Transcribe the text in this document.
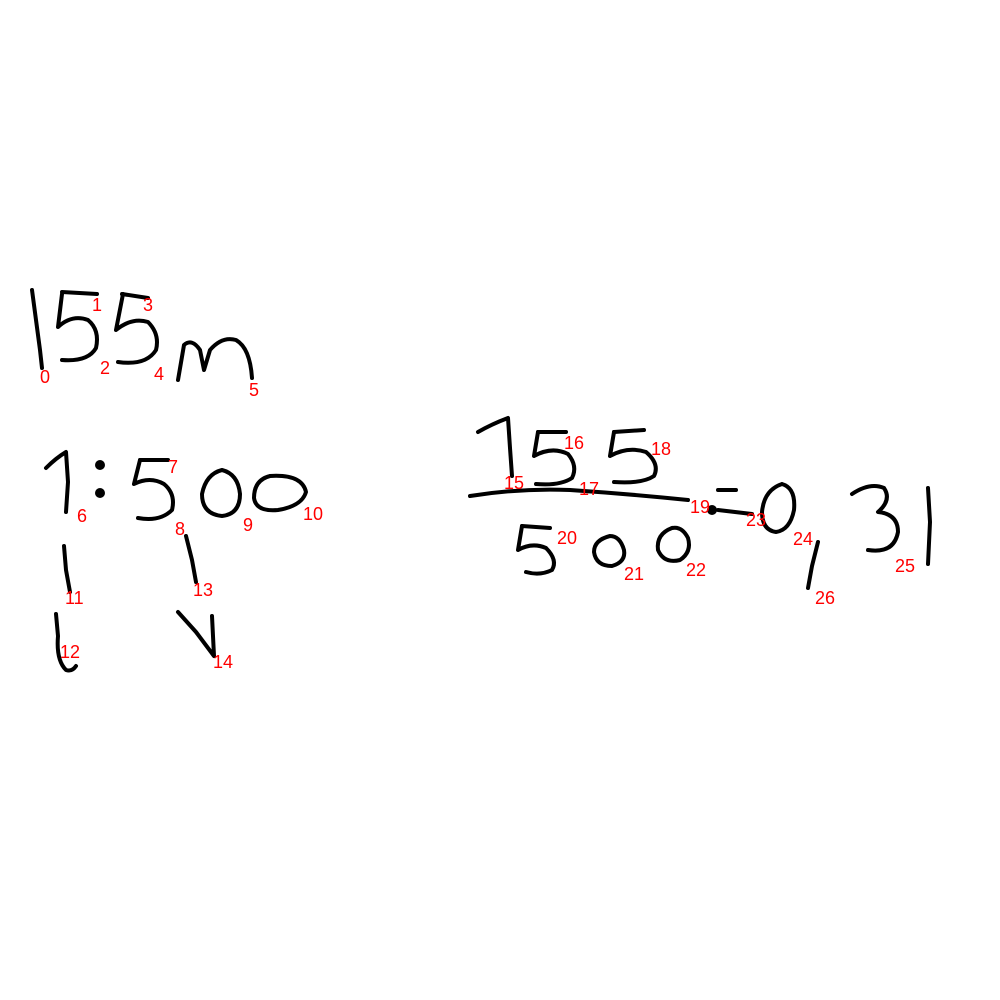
0
1
2
3
4
5
6
7
8	9
10
11
12
13
14
15
16
17
18
19
20
21 22
23
24
25
26
